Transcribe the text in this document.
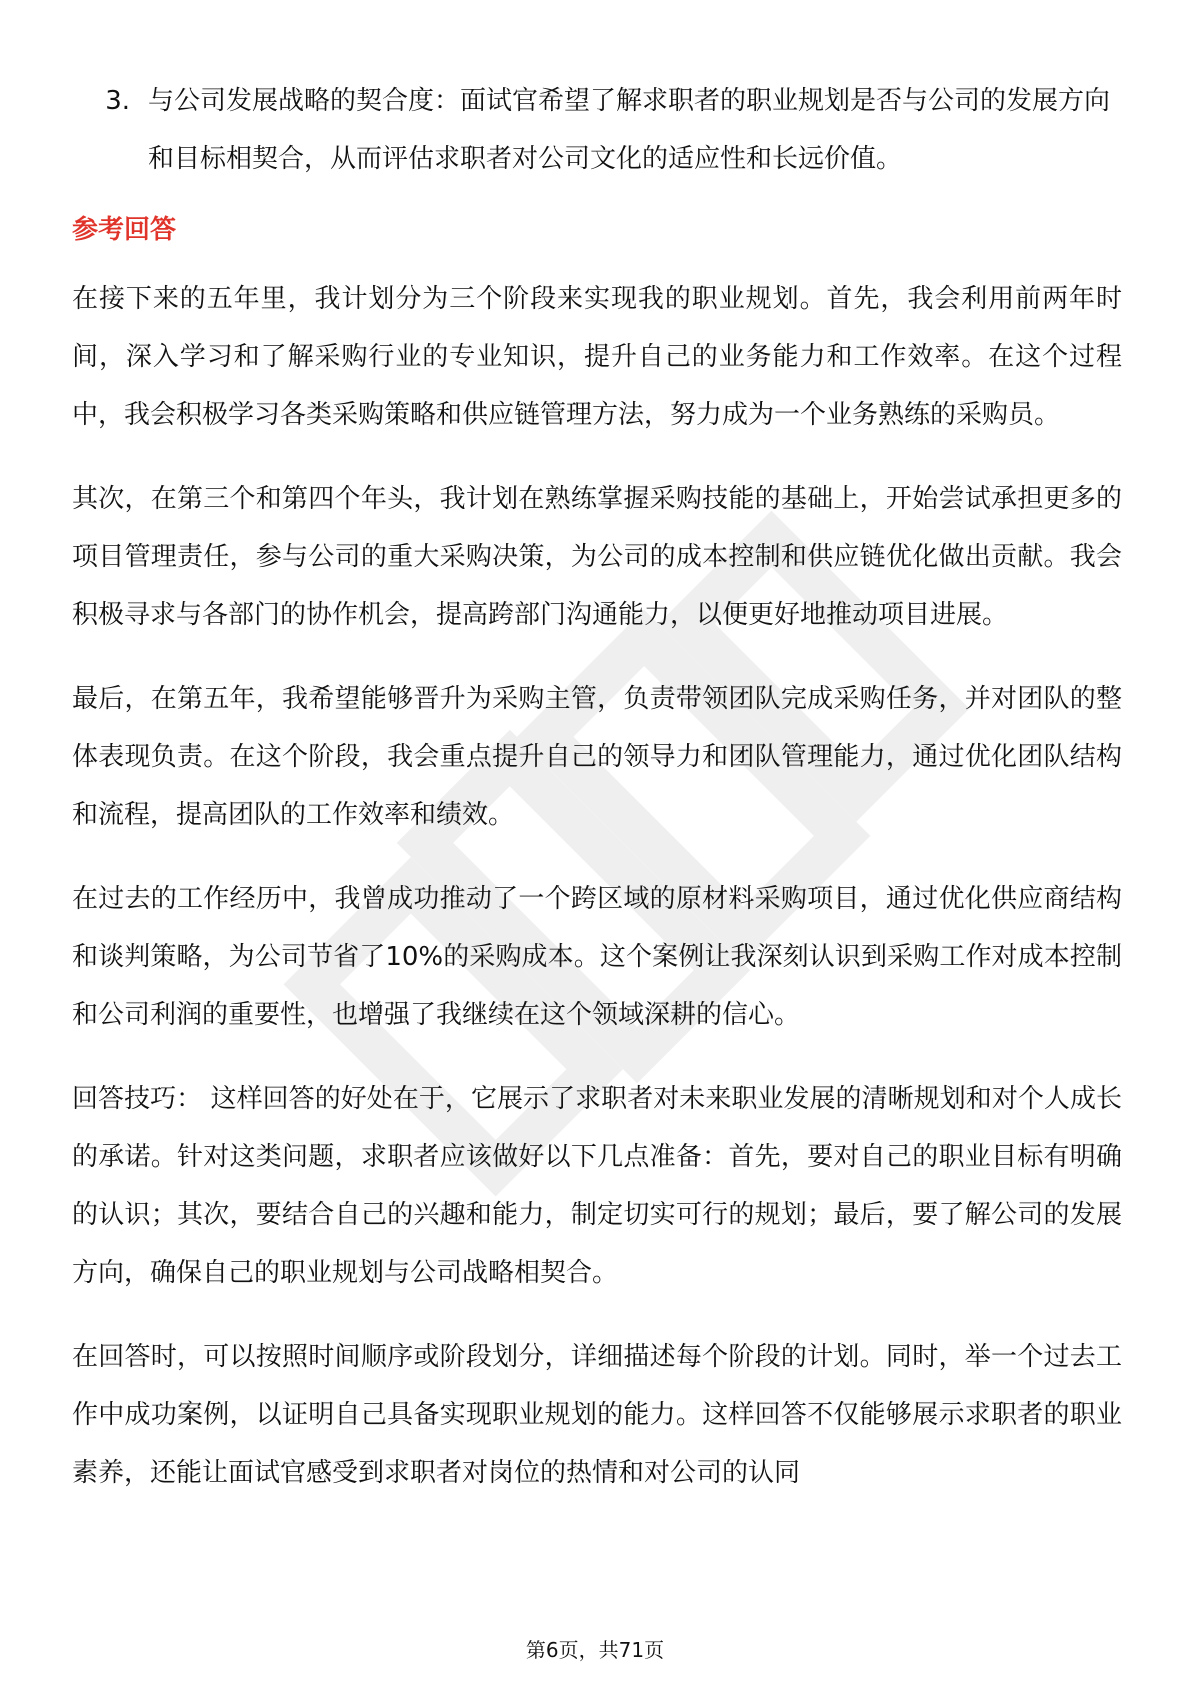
3. 与公司发展战略的契合度：面试官希望了解求职者的职业规划是否与公司的发展方向和目标相契合，从而评估求职者对公司文化的适应性和长远价值。
参考回答

在接下来的五年里，我计划分为三个阶段来实现我的职业规划。首先，我会利用前两年时间，深入学习和了解采购行业的专业知识，提升自己的业务能力和工作效率。在这个过程中，我会积极学习各类采购策略和供应链管理方法，努力成为一个业务熟练的采购员。

其次，在第三个和第四个年头，我计划在熟练掌握采购技能的基础上，开始尝试承担更多的项目管理责任，参与公司的重大采购决策，为公司的成本控制和供应链优化做出贡献。我会积极寻求与各部门的协作机会，提高跨部门沟通能力，以便更好地推动项目进展。

最后，在第五年，我希望能够晋升为采购主管，负责带领团队完成采购任务，并对团队的整体表现负责。在这个阶段，我会重点提升自己的领导力和团队管理能力，通过优化团队结构和流程，提高团队的工作效率和绩效。

在过去的工作经历中，我曾成功推动了一个跨区域的原材料采购项目，通过优化供应商结构和谈判策略，为公司节省了10%的采购成本。这个案例让我深刻认识到采购工作对成本控制和公司利润的重要性，也增强了我继续在这个领域深耕的信心。

回答技巧： 这样回答的好处在于，它展示了求职者对未来职业发展的清晰规划和对个人成长的承诺。针对这类问题，求职者应该做好以下几点准备：首先，要对自己的职业目标有明确的认识；其次，要结合自己的兴趣和能力，制定切实可行的规划；最后，要了解公司的发展方向，确保自己的职业规划与公司战略相契合。

在回答时，可以按照时间顺序或阶段划分，详细描述每个阶段的计划。同时，举一个过去工作中成功案例，以证明自己具备实现职业规划的能力。这样回答不仅能够展示求职者的职业素养，还能让面试官感受到求职者对岗位的热情和对公司的认同

第6页，共71页
